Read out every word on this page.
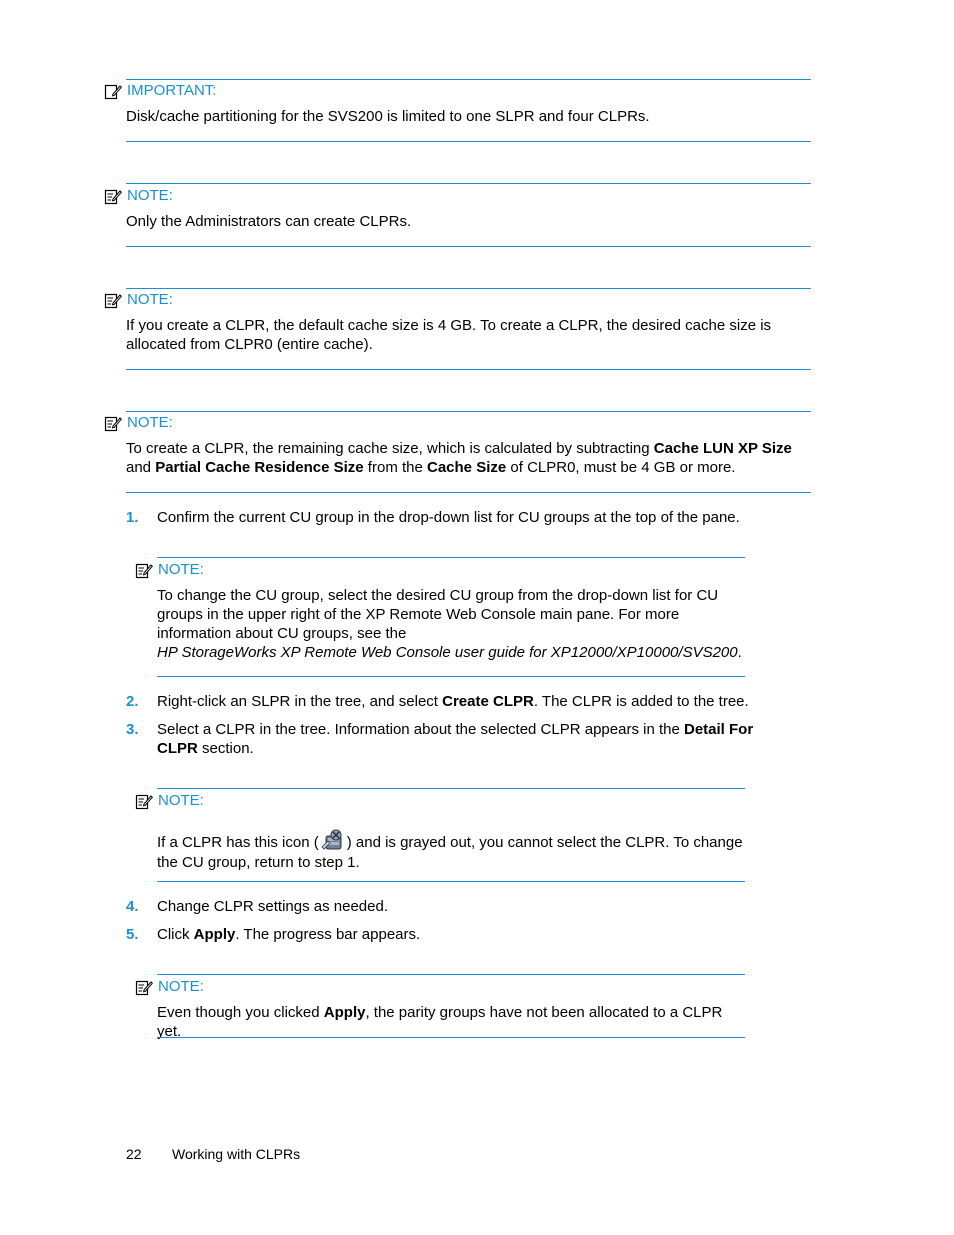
IMPORTANT:
Disk/cache partitioning for the SVS200 is limited to one SLPR and four CLPRs.
NOTE:
Only the Administrators can create CLPRs.
NOTE:
If you create a CLPR, the default cache size is 4 GB. To create a CLPR, the desired cache size is allocated from CLPR0 (entire cache).
NOTE:
To create a CLPR, the remaining cache size, which is calculated by subtracting Cache LUN XP Size and Partial Cache Residence Size from the Cache Size of CLPR0, must be 4 GB or more.
1. Confirm the current CU group in the drop-down list for CU groups at the top of the pane.
NOTE:
To change the CU group, select the desired CU group from the drop-down list for CU groups in the upper right of the XP Remote Web Console main pane. For more information about CU groups, see the
HP StorageWorks XP Remote Web Console user guide for XP12000/XP10000/SVS200.
2. Right-click an SLPR in the tree, and select Create CLPR. The CLPR is added to the tree.
3. Select a CLPR in the tree. Information about the selected CLPR appears in the Detail For CLPR section.
NOTE:
If a CLPR has this icon ( ) and is grayed out, you cannot select the CLPR. To change the CU group, return to step 1.
4. Change CLPR settings as needed.
5. Click Apply. The progress bar appears.
NOTE:
Even though you clicked Apply, the parity groups have not been allocated to a CLPR yet.
22 Working with CLPRs
